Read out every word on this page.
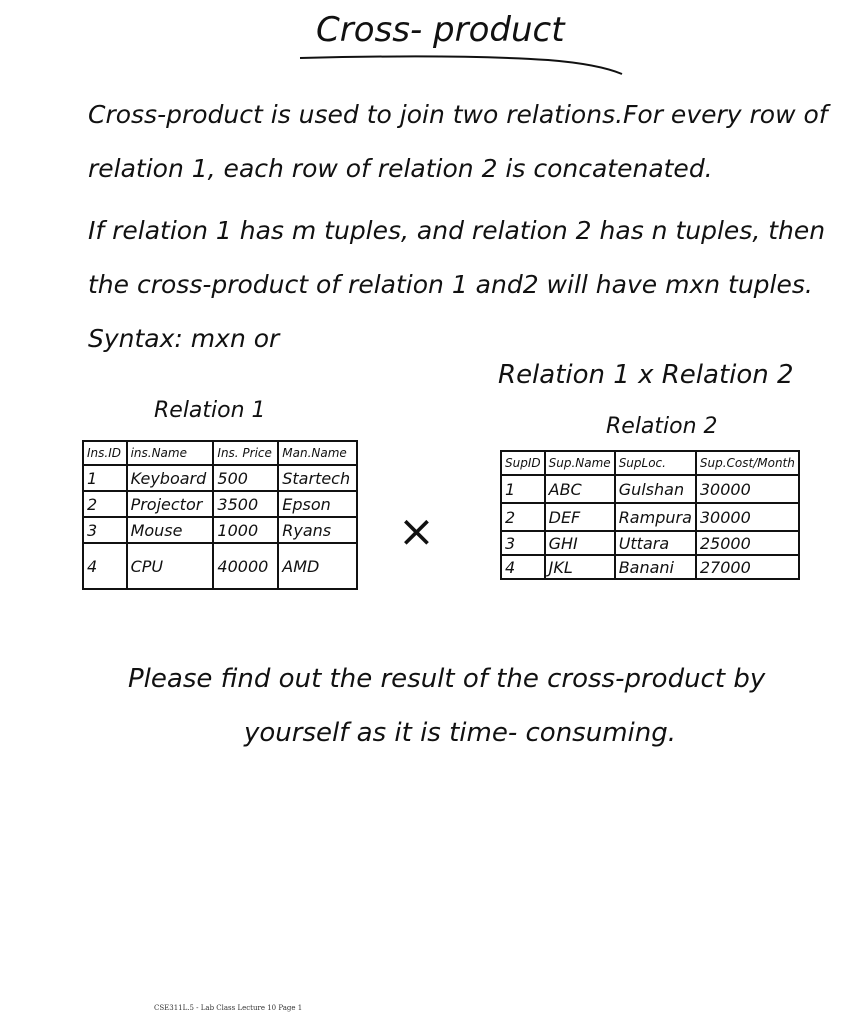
Cross- product
Cross-product is used to join two relations.For every row of relation 1, each row of relation 2 is concatenated.
If relation 1 has m tuples, and relation 2 has n tuples, then the cross-product of relation 1 and2 will have mxn tuples. Syntax: mxn or
Relation 1 x Relation 2
Relation 1
Ins.ID	ins.Name	Ins. Price	Man.Name
1	Keyboard	500	Startech
2	Projector	3500	Epson
3	Mouse	1000	Ryans
4	CPU	40000	AMD
×
Relation 2
SupID	Sup.Name	SupLoc.	Sup.Cost/Month
1	ABC	Gulshan	30000
2	DEF	Rampura	30000
3	GHI	Uttara	25000
4	JKL	Banani	27000
Please find out the result of the cross-product by
yourself as it is time- consuming.
CSE311L.5 - Lab Class Lecture 10 Page 1
